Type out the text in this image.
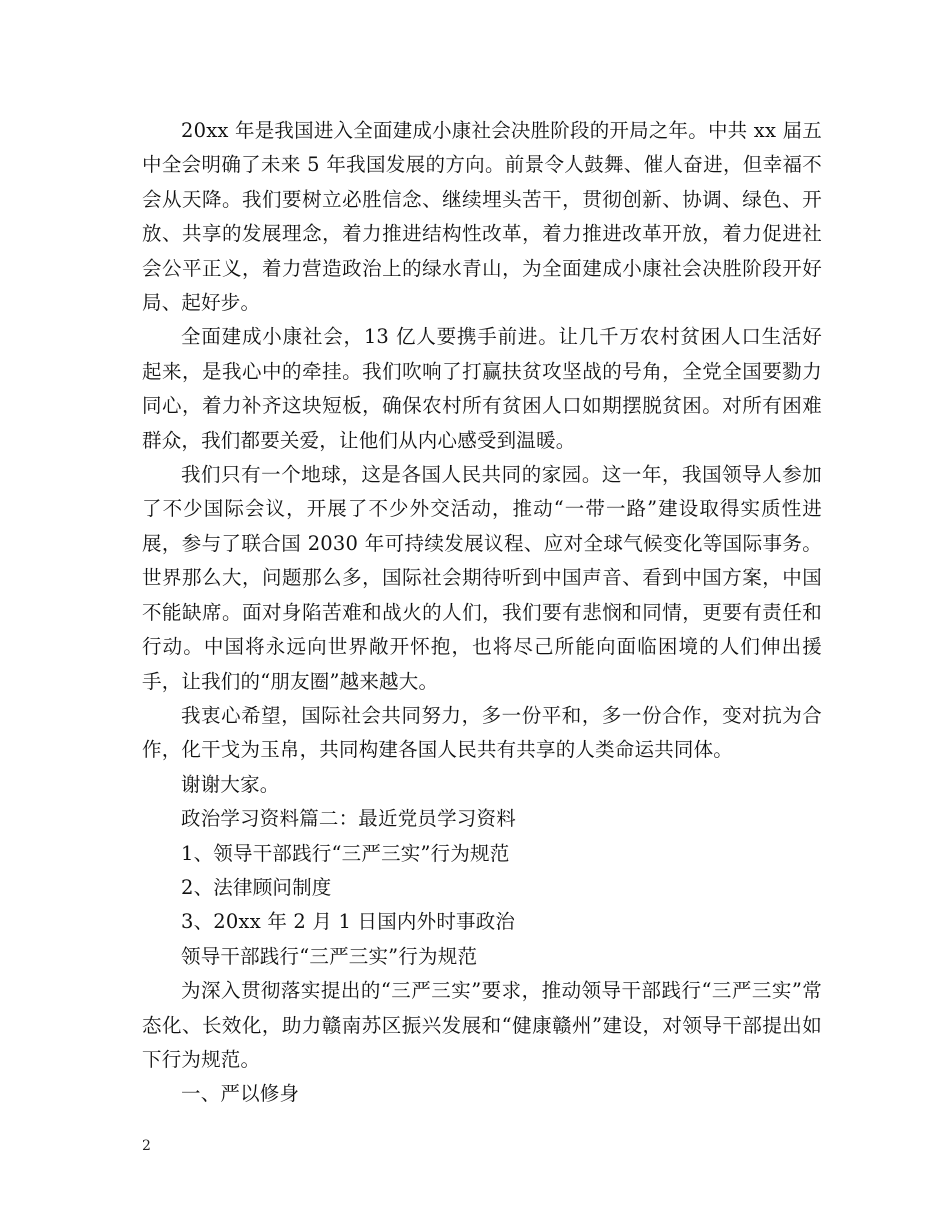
20xx 年是我国进入全面建成小康社会决胜阶段的开局之年。中共 xx 届五中全会明确了未来 5 年我国发展的方向。前景令人鼓舞、催人奋进，但幸福不会从天降。我们要树立必胜信念、继续埋头苦干，贯彻创新、协调、绿色、开放、共享的发展理念，着力推进结构性改革，着力推进改革开放，着力促进社会公平正义，着力营造政治上的绿水青山，为全面建成小康社会决胜阶段开好局、起好步。

全面建成小康社会，13 亿人要携手前进。让几千万农村贫困人口生活好起来，是我心中的牵挂。我们吹响了打赢扶贫攻坚战的号角，全党全国要勠力同心，着力补齐这块短板，确保农村所有贫困人口如期摆脱贫困。对所有困难群众，我们都要关爱，让他们从内心感受到温暖。

我们只有一个地球，这是各国人民共同的家园。这一年，我国领导人参加了不少国际会议，开展了不少外交活动，推动“一带一路”建设取得实质性进展，参与了联合国 2030 年可持续发展议程、应对全球气候变化等国际事务。世界那么大，问题那么多，国际社会期待听到中国声音、看到中国方案，中国不能缺席。面对身陷苦难和战火的人们，我们要有悲悯和同情，更要有责任和行动。中国将永远向世界敞开怀抱，也将尽己所能向面临困境的人们伸出援手，让我们的“朋友圈”越来越大。

我衷心希望，国际社会共同努力，多一份平和，多一份合作，变对抗为合作，化干戈为玉帛，共同构建各国人民共有共享的人类命运共同体。

谢谢大家。

政治学习资料篇二：最近党员学习资料

1、领导干部践行“三严三实”行为规范

2、法律顾问制度

3、20xx 年 2 月 1 日国内外时事政治

领导干部践行“三严三实”行为规范

为深入贯彻落实提出的“三严三实”要求，推动领导干部践行“三严三实”常态化、长效化，助力赣南苏区振兴发展和“健康赣州”建设，对领导干部提出如下行为规范。

一、严以修身

2
